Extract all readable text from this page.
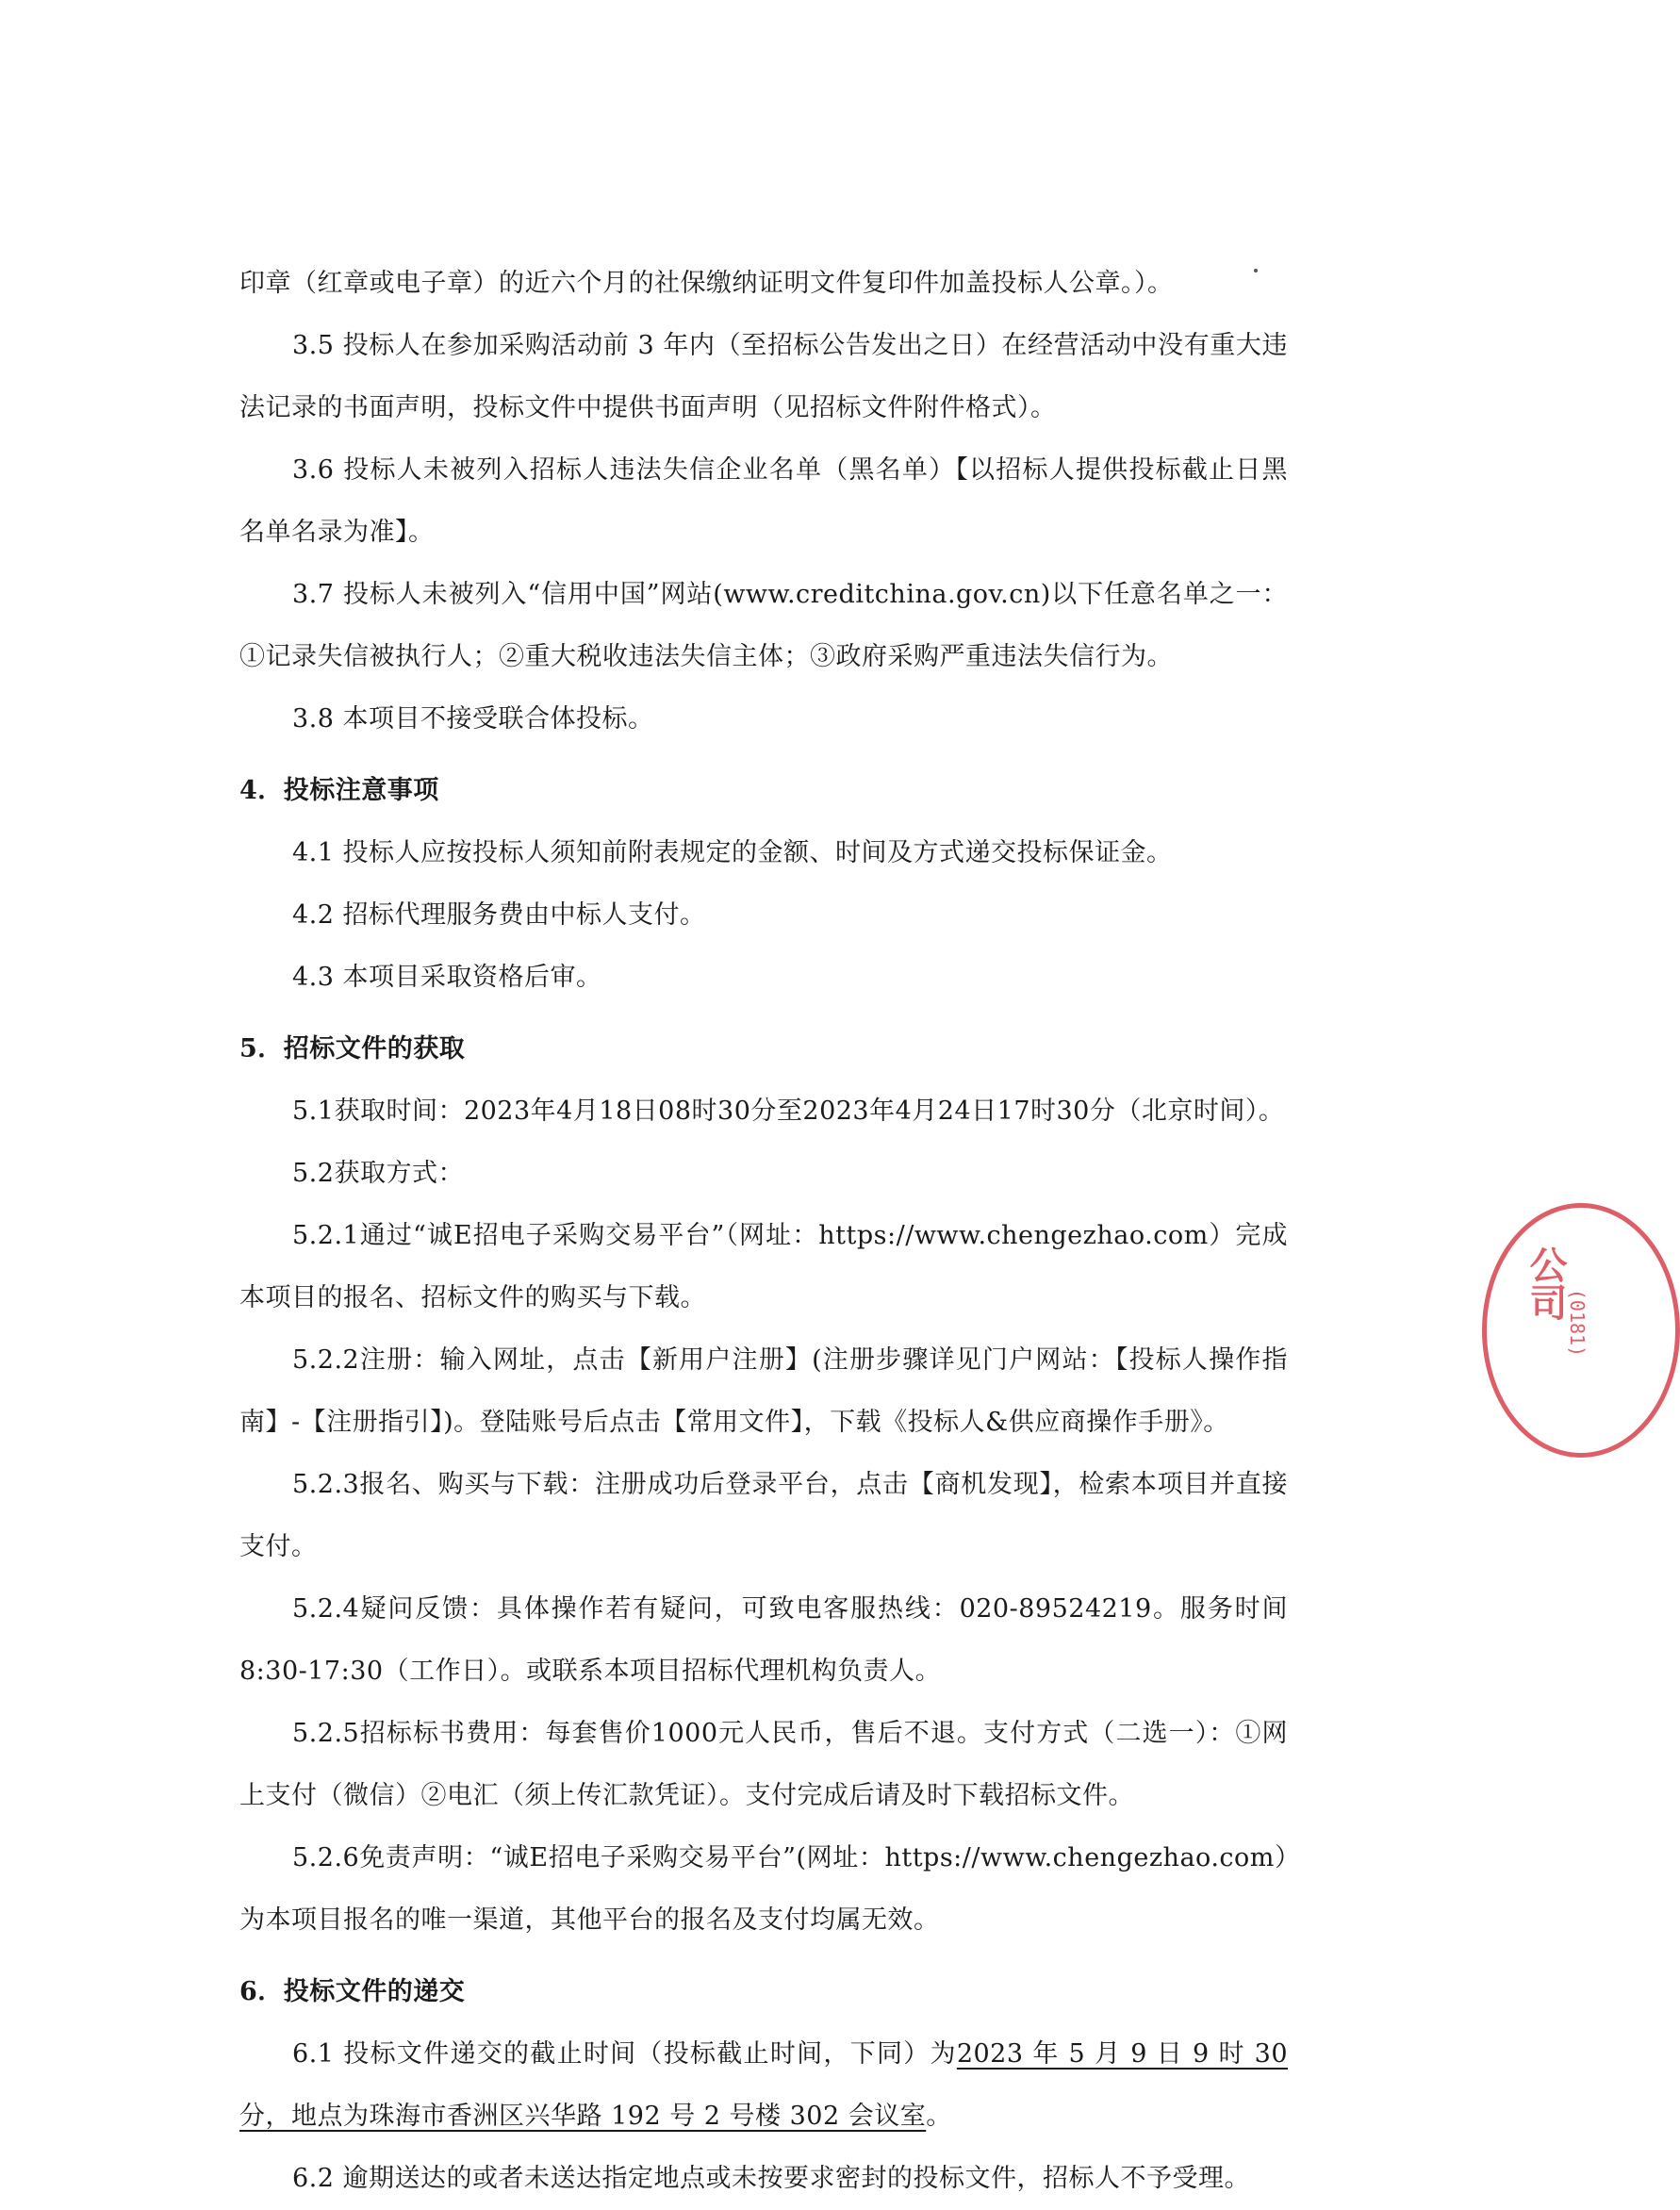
印章（红章或电子章）的近六个月的社保缴纳证明文件复印件加盖投标人公章。）。

3.5 投标人在参加采购活动前 3 年内（至招标公告发出之日）在经营活动中没有重大违法记录的书面声明，投标文件中提供书面声明（见招标文件附件格式）。

3.6 投标人未被列入招标人违法失信企业名单（黑名单）【以招标人提供投标截止日黑名单名录为准】。

3.7 投标人未被列入“信用中国”网站(www.creditchina.gov.cn)以下任意名单之一：①记录失信被执行人；②重大税收违法失信主体；③政府采购严重违法失信行为。

3.8 本项目不接受联合体投标。

4．投标注意事项

4.1 投标人应按投标人须知前附表规定的金额、时间及方式递交投标保证金。

4.2 招标代理服务费由中标人支付。

4.3 本项目采取资格后审。

5．招标文件的获取

5.1获取时间：2023年4月18日08时30分至2023年4月24日17时30分（北京时间）。

5.2获取方式：

5.2.1通过“诚E招电子采购交易平台”（网址：https://www.chengezhao.com）完成本项目的报名、招标文件的购买与下载。

5.2.2注册：输入网址，点击【新用户注册】(注册步骤详见门户网站：【投标人操作指南】-【注册指引】)。登陆账号后点击【常用文件】，下载《投标人&供应商操作手册》。

5.2.3报名、购买与下载：注册成功后登录平台，点击【商机发现】，检索本项目并直接支付。

5.2.4疑问反馈：具体操作若有疑问，可致电客服热线：020-89524219。服务时间8:30-17:30（工作日）。或联系本项目招标代理机构负责人。

5.2.5招标标书费用：每套售价1000元人民币，售后不退。支付方式（二选一）：①网上支付（微信）②电汇（须上传汇款凭证）。支付完成后请及时下载招标文件。

5.2.6免责声明：“诚E招电子采购交易平台”(网址：https://www.chengezhao.com）为本项目报名的唯一渠道，其他平台的报名及支付均属无效。

6．投标文件的递交

6.1 投标文件递交的截止时间（投标截止时间，下同）为2023 年 5 月 9 日 9 时 30 分，地点为珠海市香洲区兴华路 192 号 2 号楼 302 会议室。

6.2 逾期送达的或者未送达指定地点或未按要求密封的投标文件，招标人不予受理。

公司
(0181)
